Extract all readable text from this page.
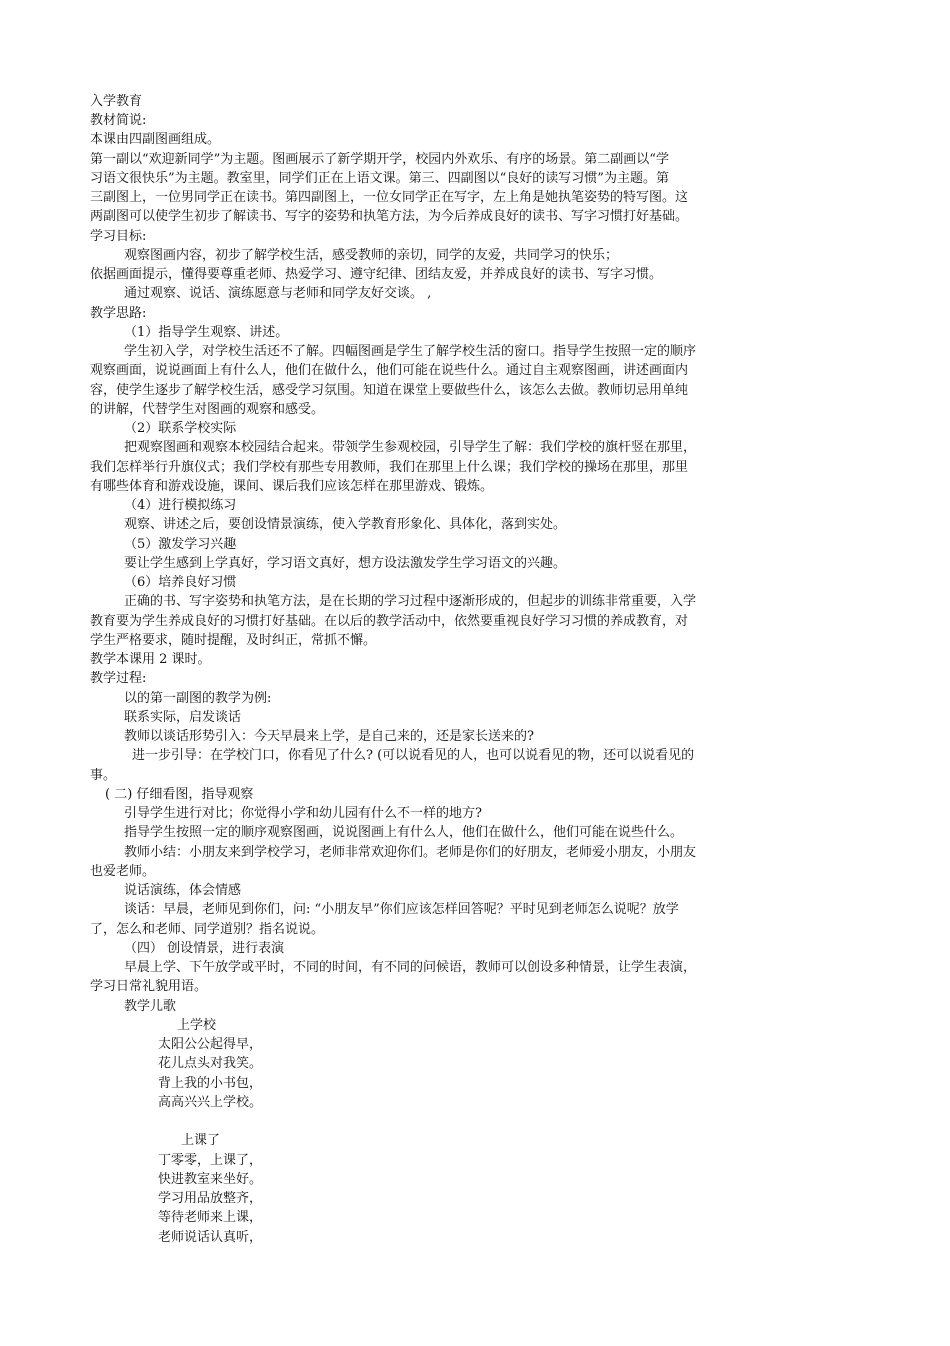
入学教育
教材简说:
本课由四副图画组成。
第一副以“欢迎新同学”为主题。图画展示了新学期开学，校园内外欢乐、有序的场景。第二副画以“学
习语文很快乐”为主题。教室里，同学们正在上语文课。第三、四副图以“良好的读写习惯”为主题。第
三副图上，一位男同学正在读书。第四副图上，一位女同学正在写字，左上角是她执笔姿势的特写图。这
两副图可以使学生初步了解读书、写字的姿势和执笔方法，为今后养成良好的读书、写字习惯打好基础。
学习目标:
观察图画内容，初步了解学校生活，感受教师的亲切，同学的友爱，共同学习的快乐；
依据画面提示，懂得要尊重老师、热爱学习、遵守纪律、团结友爱，并养成良好的读书、写字习惯。
通过观察、说话、演练愿意与老师和同学友好交谈。 ,
教学思路:
（1）指导学生观察、讲述。
学生初入学，对学校生活还不了解。四幅图画是学生了解学校生活的窗口。指导学生按照一定的顺序
观察画面，说说画面上有什么人，他们在做什么，他们可能在说些什么。通过自主观察图画，讲述画面内
容，使学生逐步了解学校生活，感受学习氛围。知道在课堂上要做些什么，该怎么去做。教师切忌用单纯
的讲解，代替学生对图画的观察和感受。
（2）联系学校实际
把观察图画和观察本校园结合起来。带领学生参观校园，引导学生了解：我们学校的旗杆竖在那里，
我们怎样举行升旗仪式；我们学校有那些专用教师，我们在那里上什么课；我们学校的操场在那里，那里
有哪些体育和游戏设施，课间、课后我们应该怎样在那里游戏、锻炼。
（4）进行模拟练习
观察、讲述之后，要创设情景演练，使入学教育形象化、具体化，落到实处。
（5）激发学习兴趣
要让学生感到上学真好，学习语文真好，想方设法激发学生学习语文的兴趣。
（6）培养良好习惯
正确的书、写字姿势和执笔方法，是在长期的学习过程中逐渐形成的，但起步的训练非常重要，入学
教育要为学生养成良好的习惯打好基础。在以后的教学活动中，依然要重视良好学习习惯的养成教育，对
学生严格要求，随时提醒，及时纠正，常抓不懈。
教学本课用 2 课时。
教学过程:
以的第一副图的教学为例:
联系实际，启发谈话
教师以谈话形势引入：今天早晨来上学，是自己来的，还是家长送来的?
进一步引导：在学校门口，你看见了什么? (可以说看见的人，也可以说看见的物，还可以说看见的
事。
( 二) 仔细看图，指导观察
引导学生进行对比；你觉得小学和幼儿园有什么不一样的地方?
指导学生按照一定的顺序观察图画，说说图画上有什么人，他们在做什么，他们可能在说些什么。
教师小结：小朋友来到学校学习，老师非常欢迎你们。老师是你们的好朋友，老师爱小朋友，小朋友
也爱老师。
说话演练，体会情感
谈话：早晨，老师见到你们，问: “小朋友早”你们应该怎样回答呢？平时见到老师怎么说呢？放学
了，怎么和老师、同学道别？指名说说。
（四） 创设情景，进行表演
早晨上学、下午放学或平时，不同的时间，有不同的问候语，教师可以创设多种情景，让学生表演，
学习日常礼貌用语。
教学儿歌
上学校
太阳公公起得早，
花儿点头对我笑。
背上我的小书包，
高高兴兴上学校。
上课了
丁零零，上课了，
快进教室来坐好。
学习用品放整齐，
等待老师来上课，
老师说话认真听，
